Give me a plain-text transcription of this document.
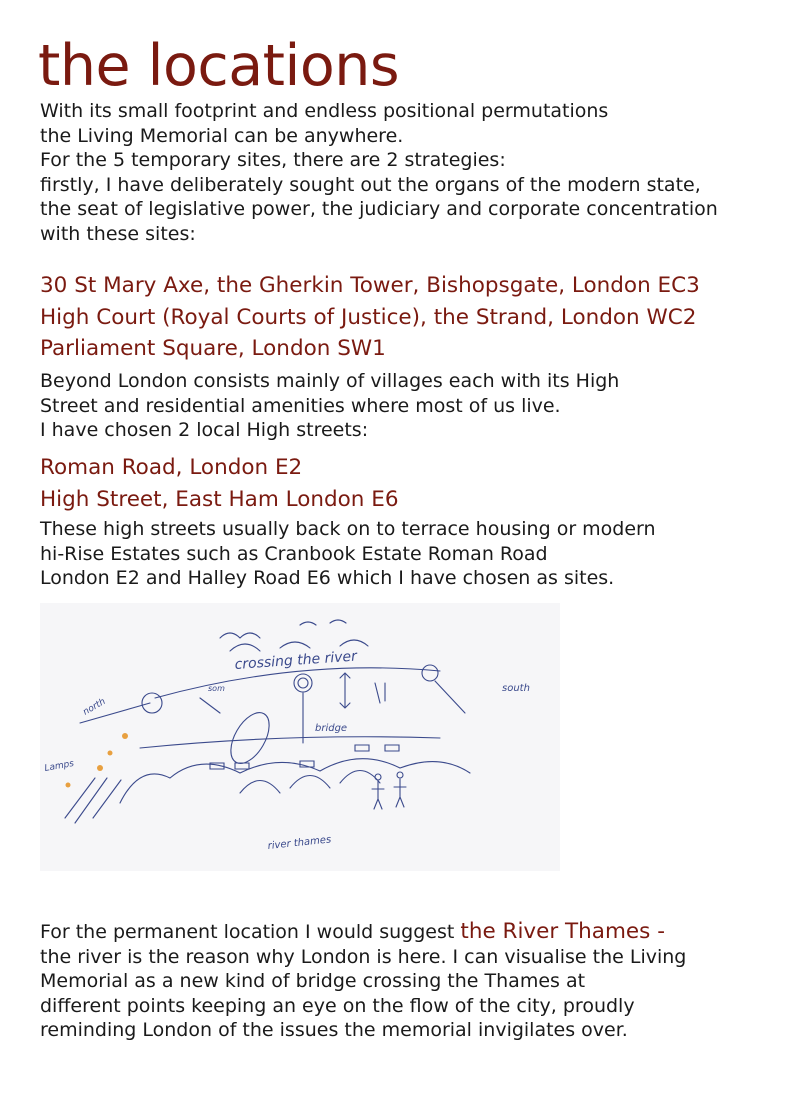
the locations
With its small footprint and endless positional permutations
the Living Memorial can be anywhere.
For the 5 temporary sites, there are 2 strategies:
firstly, I have deliberately sought out the organs of the modern state,
the seat of legislative power, the judiciary and corporate concentration
with these sites:
30 St Mary Axe, the Gherkin Tower, Bishopsgate, London EC3
High Court (Royal Courts of Justice), the Strand, London WC2
Parliament Square, London SW1
Beyond London consists mainly of villages each with its High
Street and residential amenities where most of us live.
I have chosen 2 local High streets:
Roman Road, London E2
High Street, East Ham London E6
These high streets usually back on to terrace housing or modern
hi-Rise Estates such as Cranbook Estate Roman Road
London E2 and Halley Road E6 which I have chosen as sites.
crossing the river
north
south
som
bridge
river thames
Lamps
For the permanent location I would suggest the River Thames -
the river is the reason why London is here. I can visualise the Living
Memorial as a new kind of bridge crossing the Thames at
different points keeping an eye on the flow of the city, proudly
reminding London of the issues the memorial invigilates over.
